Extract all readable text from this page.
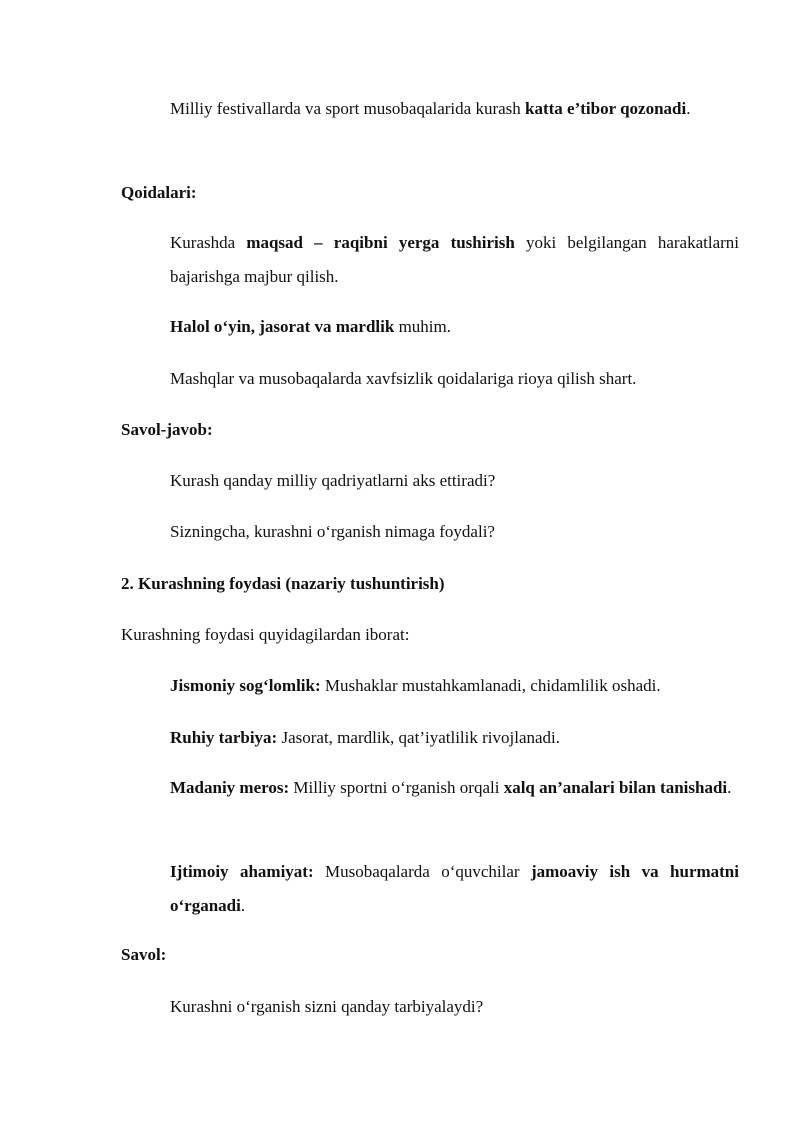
Milliy festivallarda va sport musobaqalarida kurash katta e’tibor qozonadi.

Qoidalari:

Kurashda maqsad – raqibni yerga tushirish yoki belgilangan harakatlarni bajarishga majbur qilish.

Halol o‘yin, jasorat va mardlik muhim.

Mashqlar va musobaqalarda xavfsizlik qoidalariga rioya qilish shart.

Savol-javob:

Kurash qanday milliy qadriyatlarni aks ettiradi?

Sizningcha, kurashni o‘rganish nimaga foydali?

2. Kurashning foydasi (nazariy tushuntirish)

Kurashning foydasi quyidagilardan iborat:

Jismoniy sog‘lomlik: Mushaklar mustahkamlanadi, chidamlilik oshadi.

Ruhiy tarbiya: Jasorat, mardlik, qat’iyatlilik rivojlanadi.

Madaniy meros: Milliy sportni o‘rganish orqali xalq an’analari bilan tanishadi.

Ijtimoiy ahamiyat: Musobaqalarda o‘quvchilar jamoaviy ish va hurmatni o‘rganadi.

Savol:

Kurashni o‘rganish sizni qanday tarbiyalaydi?
